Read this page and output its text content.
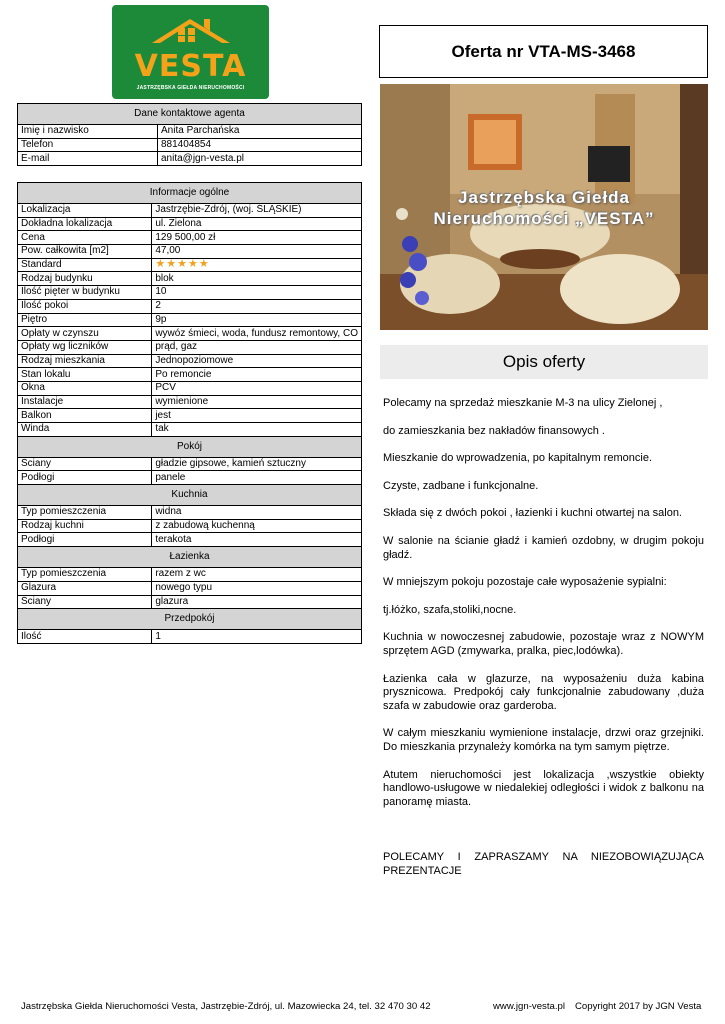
VESTA
JASTRZĘBSKA GIEŁDA NIERUCHOMOŚCI
Oferta nr VTA-MS-3468
Jastrzębska Giełda
Nieruchomości „VESTA”
Opis oferty

Polecamy na sprzedaż mieszkanie M-3 na ulicy Zielonej ,

do zamieszkania bez nakładów finansowych .

Mieszkanie do wprowadzenia, po kapitalnym remoncie.

Czyste, zadbane i funkcjonalne.

Składa się z dwóch pokoi , łazienki i kuchni otwartej na salon.

W salonie na ścianie gładź i kamień ozdobny, w drugim pokoju gładź.

W mniejszym pokoju pozostaje całe wyposażenie sypialni:

tj.łóżko, szafa,stoliki,nocne.

Kuchnia w nowoczesnej zabudowie, pozostaje wraz z NOWYM sprzętem AGD (zmywarka, pralka, piec,lodówka).

Łazienka cała w glazurze, na wyposażeniu duża kabina prysznicowa. Predpokój cały funkcjonalnie zabudowany ,duża szafa w zabudowie oraz garderoba.

W całym mieszkaniu wymienione instalacje, drzwi oraz grzejniki. Do mieszkania przynależy komórka na tym samym piętrze.

Atutem nieruchomości jest lokalizacja ,wszystkie obiekty handlowo-usługowe w niedalekiej odległości i widok z balkonu na panoramę miasta.

POLECAMY I ZAPRASZAMY NA NIEZOBOWIĄZUJĄCA PREZENTACJE

Dane kontaktowe agenta	
Imię i nazwisko	Anita Parchańska
Telefon	881404854
E-mail	anita@jgn-vesta.pl
Informacje ogólne	
Lokalizacja	Jastrzębie-Zdrój, (woj. ŚLĄSKIE)
Dokładna lokalizacja	ul. Zielona
Cena	129 500,00 zł
Pow. całkowita [m2]	47,00
Standard	★ ★ ★ ★ ★

Rodzaj budynku	blok
Ilość pięter w budynku	10
Ilość pokoi	2
Piętro	9p
Opłaty w czynszu	wywóz śmieci, woda, fundusz remontowy, CO
Opłaty wg liczników	prąd, gaz
Rodzaj mieszkania	Jednopoziomowe
Stan lokalu	Po remoncie
Okna	PCV
Instalacje	wymienione
Balkon	jest
Winda	tak
Pokój	
Ściany	gładzie gipsowe, kamień sztuczny
Podłogi	panele
Kuchnia	
Typ pomieszczenia	widna
Rodzaj kuchni	z zabudową kuchenną
Podłogi	terakota
Łazienka	
Typ pomieszczenia	razem z wc
Glazura	nowego typu
Ściany	glazura
Przedpokój	
Ilość	1
Jastrzębska Giełda Nieruchomości Vesta, Jastrzębie-Zdrój, ul. Mazowiecka 24, tel. 32 470 30 42	www.jgn-vesta.pl Copyright 2017 by JGN Vesta
